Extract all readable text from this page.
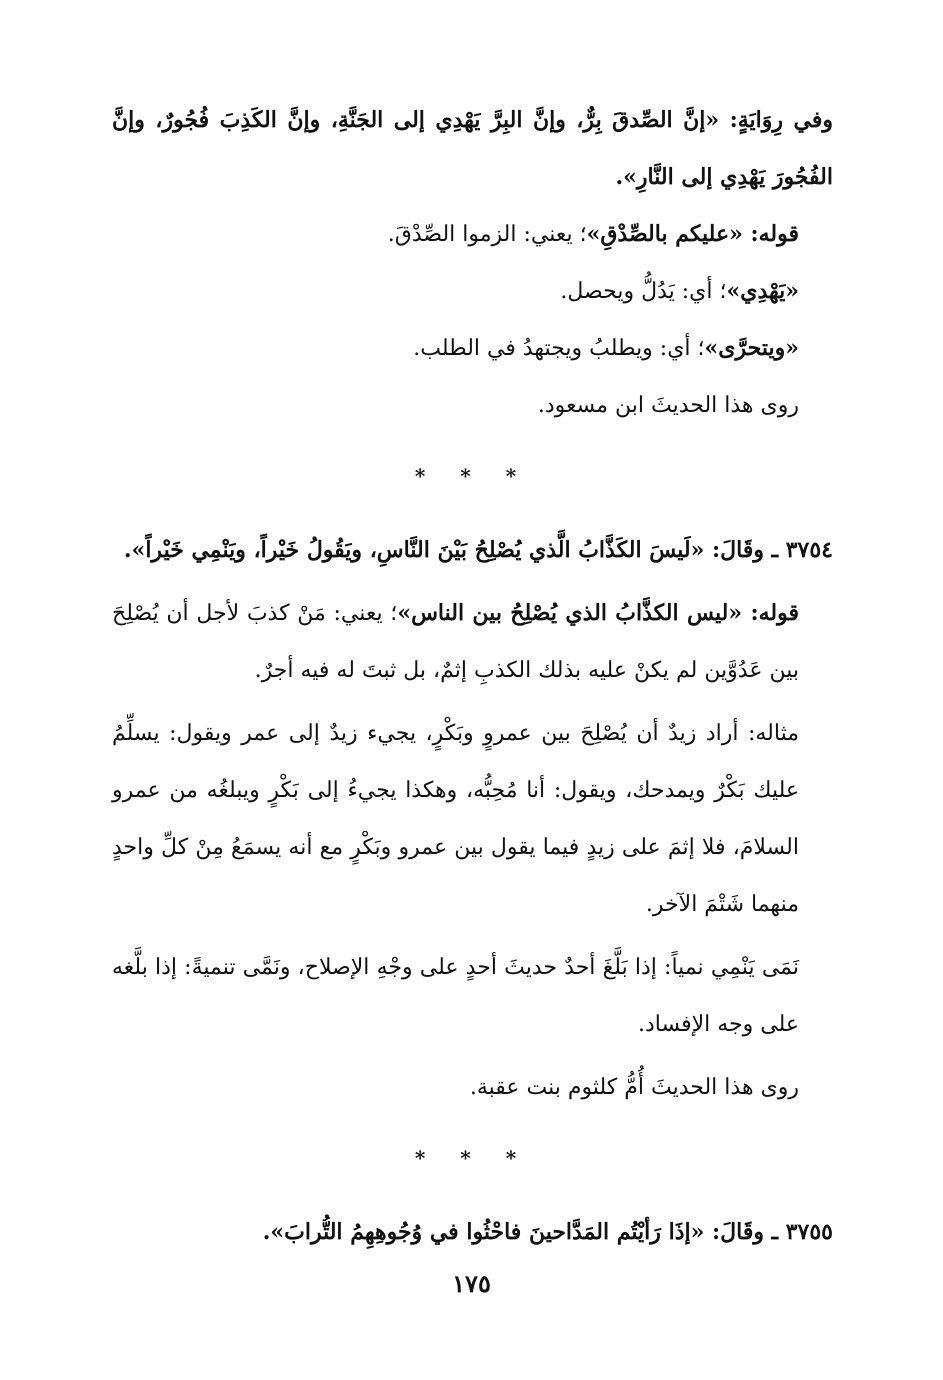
وفي رِوَايَةٍ: «إنَّ الصِّدقَ بِرٌّ، وإنَّ البِرَّ يَهْدِي إلى الجَنَّةِ، وإنَّ الكَذِبَ فُجُورٌ، وإنَّ الفُجُورَ يَهْدِي إلى النَّارِ».

قوله: «عليكم بالصِّدْقِ»؛ يعني: الزموا الصِّدْقَ.

«يَهْدِي»؛ أي: يَدُلُّ ويحصل.

«ويتحرَّى»؛ أي: ويطلبُ ويجتهدُ في الطلب.

روى هذا الحديثَ ابن مسعود.

* * *

٣٧٥٤ ـ وقَالَ: «لَيسَ الكَذَّابُ الَّذي يُصْلِحُ بَيْنَ النَّاسِ، ويَقُولُ خَيْراً، ويَنْمِي خَيْراً».

قوله: «ليس الكذَّابُ الذي يُصْلِحُ بين الناس»؛ يعني: مَنْ كذبَ لأجل أن يُصْلِحَ بين عَدُوَّين لم يكنْ عليه بذلك الكذبِ إثمٌ، بل ثبتَ له فيه أجرٌ.

مثاله: أراد زيدٌ أن يُصْلِحَ بين عمروٍ وبَكْرٍ، يجيء زيدٌ إلى عمر ويقول: يسلِّمُ عليك بَكْرٌ ويمدحك، ويقول: أنا مُحِبُّه، وهكذا يجيءُ إلى بَكْرٍ ويبلغُه من عمرو السلامَ، فلا إثمَ على زيدٍ فيما يقول بين عمرو وبَكْرٍ مع أنه يسمَعُ مِنْ كلِّ واحدٍ منهما شَتْمَ الآخر.

نَمَى يَنْمِي نمياً: إذا بَلَّغَ أحدٌ حديثَ أحدٍ على وجْهِ الإصلاح، ونَمَّى تنميةً: إذا بلَّغه على وجه الإفساد.

روى هذا الحديثَ أُمُّ كلثوم بنت عقبة.

* * *

٣٧٥٥ ـ وقَالَ: «إذَا رَأيْتُم المَدَّاحينَ فاحْثُوا في وُجُوهِهِمُ التُّرابَ».

١٧٥
